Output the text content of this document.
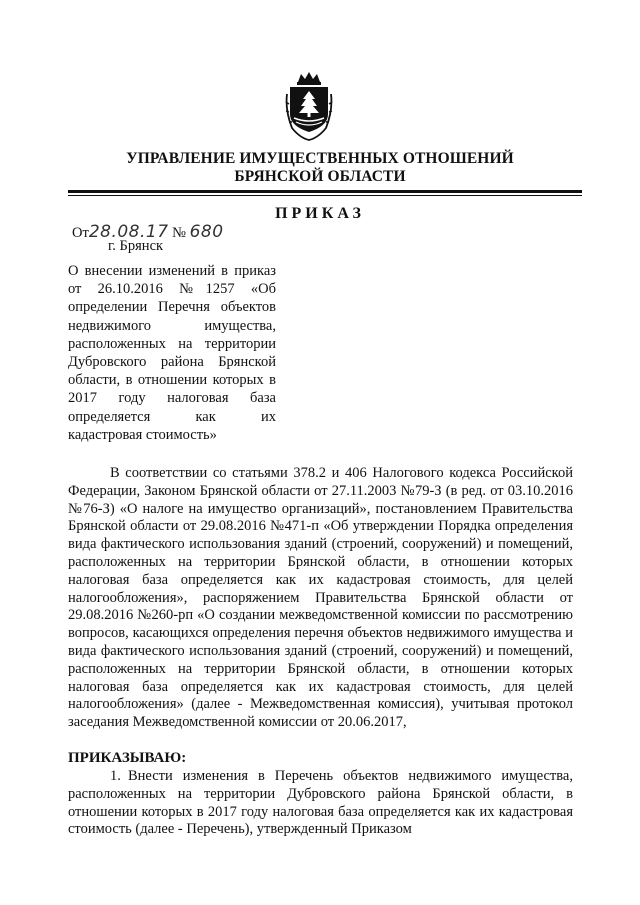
УПРАВЛЕНИЕ ИМУЩЕСТВЕННЫХ ОТНОШЕНИЙ
БРЯНСКОЙ ОБЛАСТИ
ПРИКАЗ
От28.08.17 № 680
г. Брянск
О внесении изменений в приказ от 26.10.2016 №1257 «Об определении Перечня объектов недвижимого имущества, расположенных на территории Дубровского района Брянской области, в отношении которых в 2017 году налоговая база определяется как их
кадастровая стоимость»
В соответствии со статьями 378.2 и 406 Налогового кодекса Российской Федерации, Законом Брянской области от 27.11.2003 №79-З (в ред. от 03.10.2016 №76-З) «О налоге на имущество организаций», постановлением Правительства Брянской области от 29.08.2016 №471-п «Об утверждении Порядка определения вида фактического использования зданий (строений, сооружений) и помещений, расположенных на территории Брянской области, в отношении которых налоговая база определяется как их кадастровая стоимость, для целей налогообложения», распоряжением Правительства Брянской области от 29.08.2016 №260-рп «О создании межведомственной комиссии по рассмотрению вопросов, касающихся определения перечня объектов недвижимого имущества и вида фактического использования зданий (строений, сооружений) и помещений, расположенных на территории Брянской области, в отношении которых налоговая база определяется как их кадастровая стоимость, для целей налогообложения» (далее - Межведомственная комиссия), учитывая протокол заседания Межведомственной комиссии от 20.06.2017,
ПРИКАЗЫВАЮ:
1. Внести изменения в Перечень объектов недвижимого имущества, расположенных на территории Дубровского района Брянской области, в отношении которых в 2017 году налоговая база определяется как их кадастровая стоимость (далее - Перечень), утвержденный Приказом
